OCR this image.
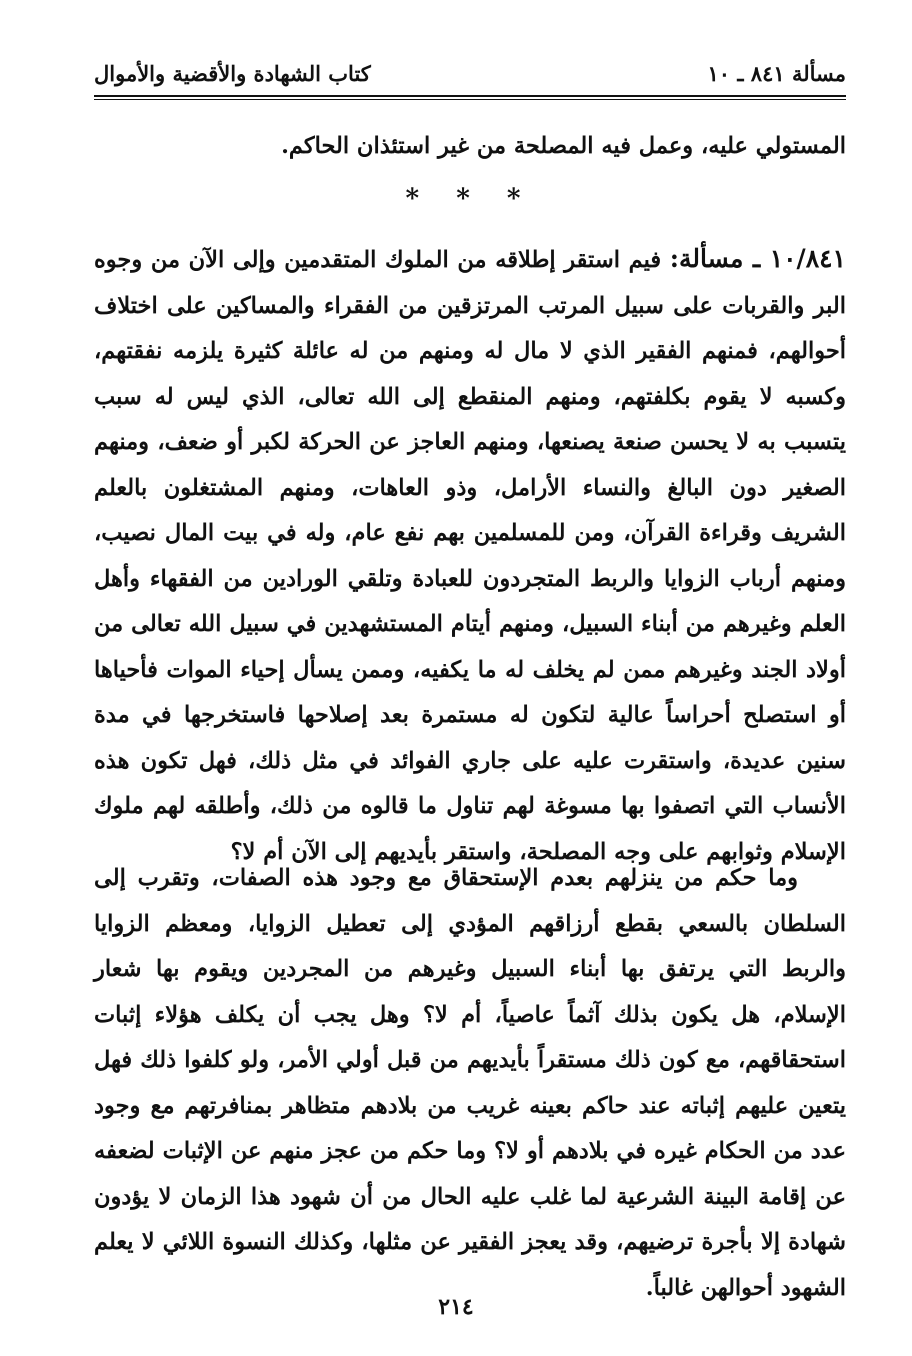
مسألة ٨٤١ ـ ١٠
كتاب الشهادة والأقضية والأموال

المستولي عليه، وعمل فيه المصلحة من غير استئذان الحاكم.

* * *

١٠/٨٤١ ـ مسألة: فيم استقر إطلاقه من الملوك المتقدمين وإلى الآن من وجوه البر والقربات على سبيل المرتب المرتزقين من الفقراء والمساكين على اختلاف أحوالهم، فمنهم الفقير الذي لا مال له ومنهم من له عائلة كثيرة يلزمه نفقتهم، وكسبه لا يقوم بكلفتهم، ومنهم المنقطع إلى الله تعالى، الذي ليس له سبب يتسبب به لا يحسن صنعة يصنعها، ومنهم العاجز عن الحركة لكبر أو ضعف، ومنهم الصغير دون البالغ والنساء الأرامل، وذو العاهات، ومنهم المشتغلون بالعلم الشريف وقراءة القرآن، ومن للمسلمين بهم نفع عام، وله في بيت المال نصيب، ومنهم أرباب الزوايا والربط المتجردون للعبادة وتلقي الورادين من الفقهاء وأهل العلم وغيرهم من أبناء السبيل، ومنهم أيتام المستشهدين في سبيل الله تعالى من أولاد الجند وغيرهم ممن لم يخلف له ما يكفيه، وممن يسأل إحياء الموات فأحياها أو استصلح أحراساً عالية لتكون له مستمرة بعد إصلاحها فاستخرجها في مدة سنين عديدة، واستقرت عليه على جاري الفوائد في مثل ذلك، فهل تكون هذه الأنساب التي اتصفوا بها مسوغة لهم تناول ما قالوه من ذلك، وأطلقه لهم ملوك الإسلام وثوابهم على وجه المصلحة، واستقر بأيديهم إلى الآن أم لا؟

وما حكم من ينزلهم بعدم الإستحقاق مع وجود هذه الصفات، وتقرب إلى السلطان بالسعي بقطع أرزاقهم المؤدي إلى تعطيل الزوايا، ومعظم الزوايا والربط التي يرتفق بها أبناء السبيل وغيرهم من المجردين ويقوم بها شعار الإسلام، هل يكون بذلك آثماً عاصياً، أم لا؟ وهل يجب أن يكلف هؤلاء إثبات استحقاقهم، مع كون ذلك مستقراً بأيديهم من قبل أولي الأمر، ولو كلفوا ذلك فهل يتعين عليهم إثباته عند حاكم بعينه غريب من بلادهم متظاهر بمنافرتهم مع وجود عدد من الحكام غيره في بلادهم أو لا؟ وما حكم من عجز منهم عن الإثبات لضعفه عن إقامة البينة الشرعية لما غلب عليه الحال من أن شهود هذا الزمان لا يؤدون شهادة إلا بأجرة ترضيهم، وقد يعجز الفقير عن مثلها، وكذلك النسوة اللائي لا يعلم الشهود أحوالهن غالباً.

٢١٤
